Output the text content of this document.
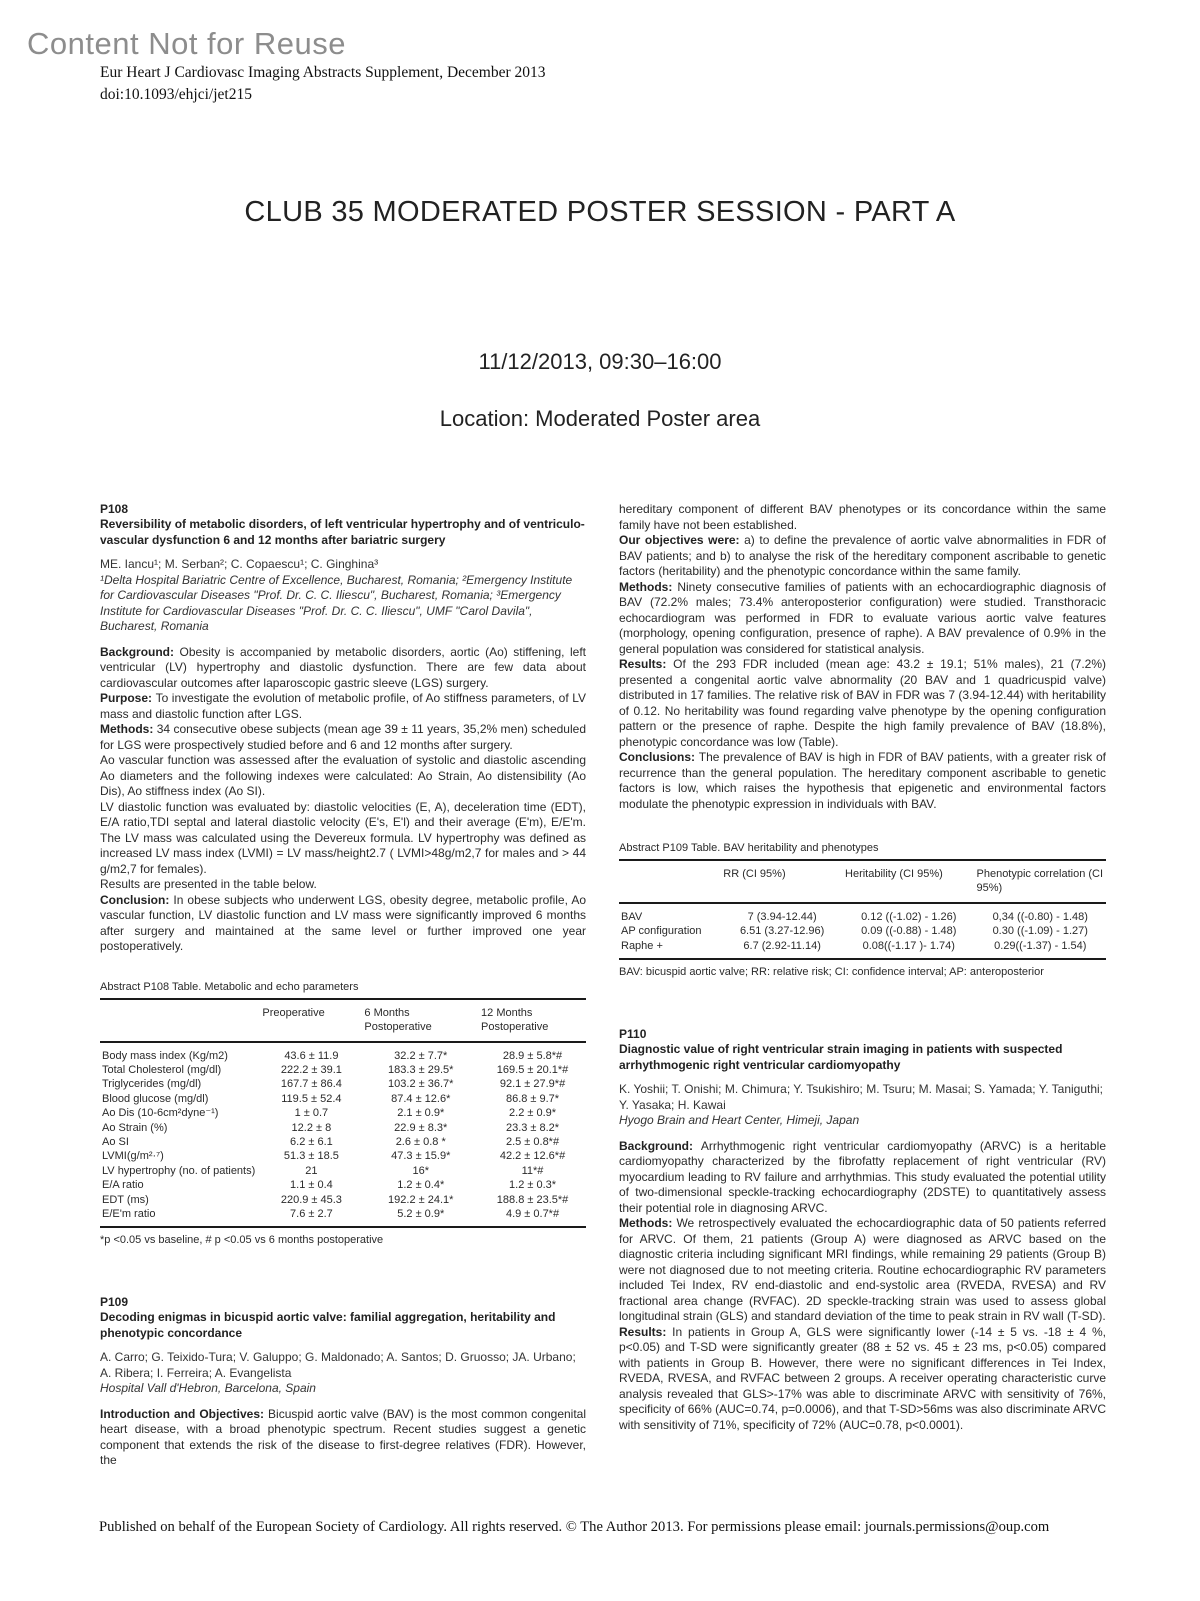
Content Not for Reuse
Eur Heart J Cardiovasc Imaging Abstracts Supplement, December 2013
doi:10.1093/ehjci/jet215
CLUB 35 MODERATED POSTER SESSION - PART A
11/12/2013, 09:30–16:00
Location: Moderated Poster area
P108
Reversibility of metabolic disorders, of left ventricular hypertrophy and of ventriculo-vascular dysfunction 6 and 12 months after bariatric surgery
ME. Iancu¹; M. Serban²; C. Copaescu¹; C. Ginghina³
¹Delta Hospital Bariatric Centre of Excellence, Bucharest, Romania; ²Emergency Institute for Cardiovascular Diseases "Prof. Dr. C. C. Iliescu", Bucharest, Romania; ³Emergency Institute for Cardiovascular Diseases "Prof. Dr. C. C. Iliescu", UMF "Carol Davila", Bucharest, Romania

Background: Obesity is accompanied by metabolic disorders, aortic (Ao) stiffening, left ventricular (LV) hypertrophy and diastolic dysfunction. There are few data about cardiovascular outcomes after laparoscopic gastric sleeve (LGS) surgery.

Purpose: To investigate the evolution of metabolic profile, of Ao stiffness parameters, of LV mass and diastolic function after LGS.

Methods: 34 consecutive obese subjects (mean age 39 ± 11 years, 35,2% men) scheduled for LGS were prospectively studied before and 6 and 12 months after surgery.

Ao vascular function was assessed after the evaluation of systolic and diastolic ascending Ao diameters and the following indexes were calculated: Ao Strain, Ao distensibility (Ao Dis), Ao stiffness index (Ao SI).

LV diastolic function was evaluated by: diastolic velocities (E, A), deceleration time (EDT), E/A ratio,TDI septal and lateral diastolic velocity (E's, E'l) and their average (E'm), E/E'm. The LV mass was calculated using the Devereux formula. LV hypertrophy was defined as increased LV mass index (LVMI) = LV mass/height2.7 ( LVMI>48g/m2,7 for males and > 44 g/m2,7 for females).

Results are presented in the table below.

Conclusion: In obese subjects who underwent LGS, obesity degree, metabolic profile, Ao vascular function, LV diastolic function and LV mass were significantly improved 6 months after surgery and maintained at the same level or further improved one year postoperatively.

Abstract P108 Table. Metabolic and echo parameters
	Preoperative	6 Months Postoperative	12 Months Postoperative
Body mass index (Kg/m2)	43.6 ± 11.9	32.2 ± 7.7*	28.9 ± 5.8*#
Total Cholesterol (mg/dl)	222.2 ± 39.1	183.3 ± 29.5*	169.5 ± 20.1*#
Triglycerides (mg/dl)	167.7 ± 86.4	103.2 ± 36.7*	92.1 ± 27.9*#
Blood glucose (mg/dl)	119.5 ± 52.4	87.4 ± 12.6*	86.8 ± 9.7*
Ao Dis (10-6cm²dyne⁻¹)	1 ± 0.7	2.1 ± 0.9*	2.2 ± 0.9*
Ao Strain (%)	12.2 ± 8	22.9 ± 8.3*	23.3 ± 8.2*
Ao SI	6.2 ± 6.1	2.6 ± 0.8 *	2.5 ± 0.8*#
LVMI(g/m²·⁷)	51.3 ± 18.5	47.3 ± 15.9*	42.2 ± 12.6*#
LV hypertrophy (no. of patients)	21	16*	11*#
E/A ratio	1.1 ± 0.4	1.2 ± 0.4*	1.2 ± 0.3*
EDT (ms)	220.9 ± 45.3	192.2 ± 24.1*	188.8 ± 23.5*#
E/E'm ratio	7.6 ± 2.7	5.2 ± 0.9*	4.9 ± 0.7*#
*p <0.05 vs baseline, # p <0.05 vs 6 months postoperative
P109
Decoding enigmas in bicuspid aortic valve: familial aggregation, heritability and phenotypic concordance
A. Carro; G. Teixido-Tura; V. Galuppo; G. Maldonado; A. Santos; D. Gruosso; JA. Urbano; A. Ribera; I. Ferreira; A. Evangelista
Hospital Vall d'Hebron, Barcelona, Spain

Introduction and Objectives: Bicuspid aortic valve (BAV) is the most common congenital heart disease, with a broad phenotypic spectrum. Recent studies suggest a genetic component that extends the risk of the disease to first-degree relatives (FDR). However, the

hereditary component of different BAV phenotypes or its concordance within the same family have not been established.

Our objectives were: a) to define the prevalence of aortic valve abnormalities in FDR of BAV patients; and b) to analyse the risk of the hereditary component ascribable to genetic factors (heritability) and the phenotypic concordance within the same family.

Methods: Ninety consecutive families of patients with an echocardiographic diagnosis of BAV (72.2% males; 73.4% anteroposterior configuration) were studied. Transthoracic echocardiogram was performed in FDR to evaluate various aortic valve features (morphology, opening configuration, presence of raphe). A BAV prevalence of 0.9% in the general population was considered for statistical analysis.

Results: Of the 293 FDR included (mean age: 43.2 ± 19.1; 51% males), 21 (7.2%) presented a congenital aortic valve abnormality (20 BAV and 1 quadricuspid valve) distributed in 17 families. The relative risk of BAV in FDR was 7 (3.94-12.44) with heritability of 0.12. No heritability was found regarding valve phenotype by the opening configuration pattern or the presence of raphe. Despite the high family prevalence of BAV (18.8%), phenotypic concordance was low (Table).

Conclusions: The prevalence of BAV is high in FDR of BAV patients, with a greater risk of recurrence than the general population. The hereditary component ascribable to genetic factors is low, which raises the hypothesis that epigenetic and environmental factors modulate the phenotypic expression in individuals with BAV.

Abstract P109 Table. BAV heritability and phenotypes
	RR (CI 95%)	Heritability (CI 95%)	Phenotypic correlation (CI 95%)
BAV	7 (3.94-12.44)	0.12 ((-1.02) - 1.26)	0,34 ((-0.80) - 1.48)
AP configuration	6.51 (3.27-12.96)	0.09 ((-0.88) - 1.48)	0.30 ((-1.09) - 1.27)
Raphe +	6.7 (2.92-11.14)	0.08((-1.17 )- 1.74)	0.29((-1.37) - 1.54)
BAV: bicuspid aortic valve; RR: relative risk; CI: confidence interval; AP: anteroposterior
P110
Diagnostic value of right ventricular strain imaging in patients with suspected arrhythmogenic right ventricular cardiomyopathy
K. Yoshii; T. Onishi; M. Chimura; Y. Tsukishiro; M. Tsuru; M. Masai; S. Yamada; Y. Taniguthi; Y. Yasaka; H. Kawai
Hyogo Brain and Heart Center, Himeji, Japan

Background: Arrhythmogenic right ventricular cardiomyopathy (ARVC) is a heritable cardiomyopathy characterized by the fibrofatty replacement of right ventricular (RV) myocardium leading to RV failure and arrhythmias. This study evaluated the potential utility of two-dimensional speckle-tracking echocardiography (2DSTE) to quantitatively assess their potential role in diagnosing ARVC.

Methods: We retrospectively evaluated the echocardiographic data of 50 patients referred for ARVC. Of them, 21 patients (Group A) were diagnosed as ARVC based on the diagnostic criteria including significant MRI findings, while remaining 29 patients (Group B) were not diagnosed due to not meeting criteria. Routine echocardiographic RV parameters included Tei Index, RV end-diastolic and end-systolic area (RVEDA, RVESA) and RV fractional area change (RVFAC). 2D speckle-tracking strain was used to assess global longitudinal strain (GLS) and standard deviation of the time to peak strain in RV wall (T-SD).

Results: In patients in Group A, GLS were significantly lower (-14 ± 5 vs. -18 ± 4 %, p<0.05) and T-SD were significantly greater (88 ± 52 vs. 45 ± 23 ms, p<0.05) compared with patients in Group B. However, there were no significant differences in Tei Index, RVEDA, RVESA, and RVFAC between 2 groups. A receiver operating characteristic curve analysis revealed that GLS>-17% was able to discriminate ARVC with sensitivity of 76%, specificity of 66% (AUC=0.74, p=0.0006), and that T-SD>56ms was also discriminate ARVC with sensitivity of 71%, specificity of 72% (AUC=0.78, p<0.0001).

Published on behalf of the European Society of Cardiology. All rights reserved. © The Author 2013. For permissions please email: journals.permissions@oup.com
